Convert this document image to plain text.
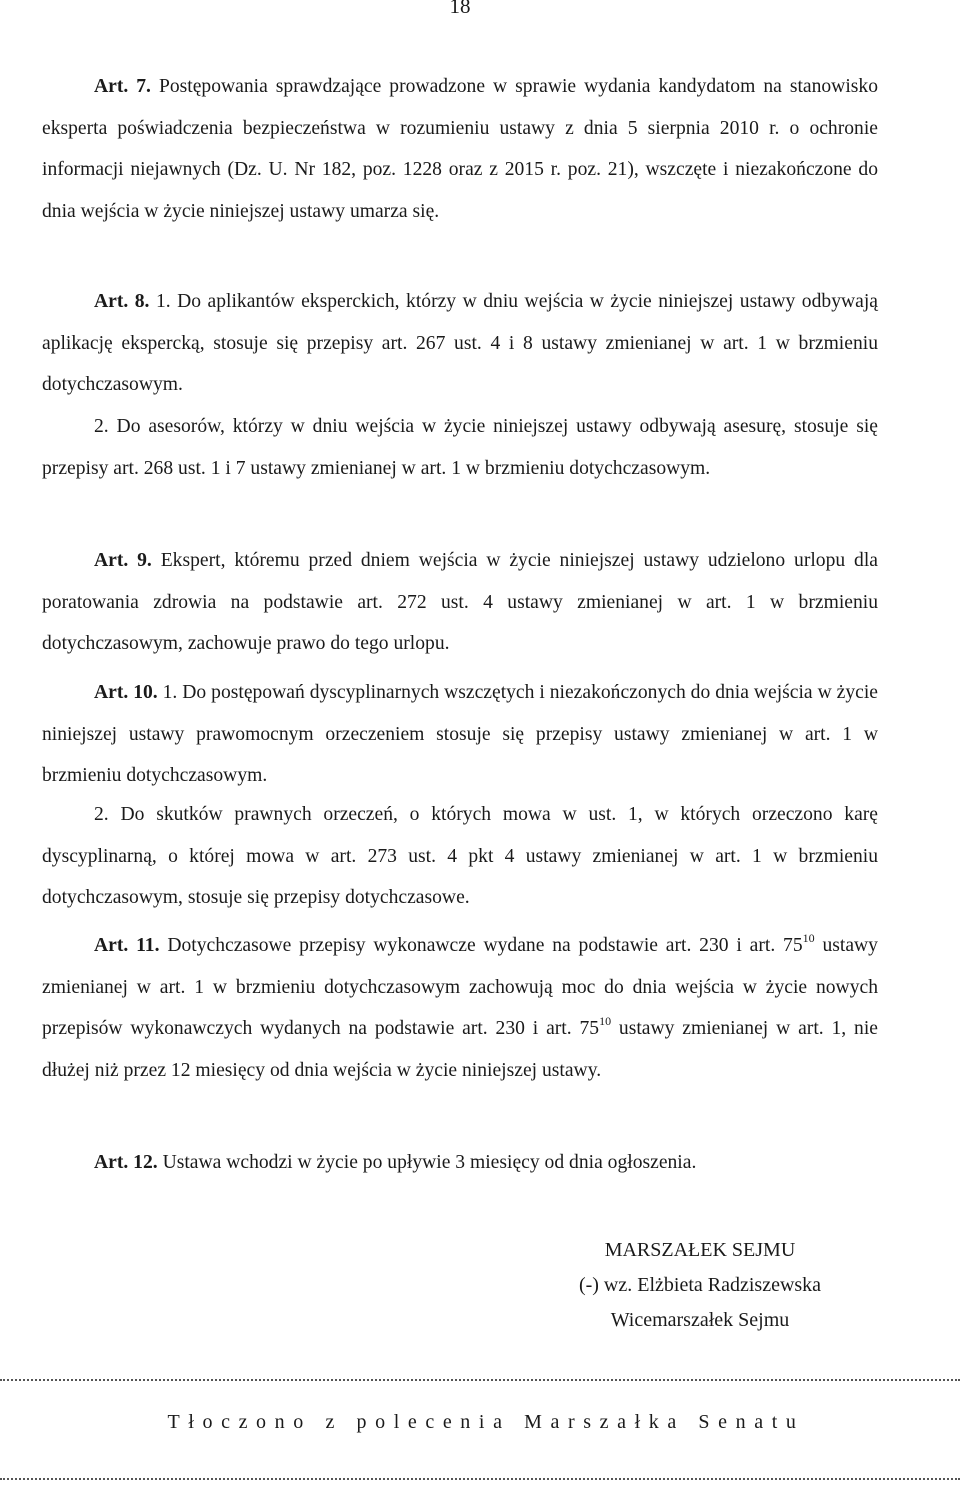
18

Art. 7. Postępowania sprawdzające prowadzone w sprawie wydania kandydatom na stanowisko eksperta poświadczenia bezpieczeństwa w rozumieniu ustawy z dnia 5 sierpnia 2010 r. o ochronie informacji niejawnych (Dz. U. Nr 182, poz. 1228 oraz z 2015 r. poz. 21), wszczęte i niezakończone do dnia wejścia w życie niniejszej ustawy umarza się.

Art. 8. 1. Do aplikantów eksperckich, którzy w dniu wejścia w życie niniejszej ustawy odbywają aplikację ekspercką, stosuje się przepisy art. 267 ust. 4 i 8 ustawy zmienianej w art. 1 w brzmieniu dotychczasowym.

2. Do asesorów, którzy w dniu wejścia w życie niniejszej ustawy odbywają asesurę, stosuje się przepisy art. 268 ust. 1 i 7 ustawy zmienianej w art. 1 w brzmieniu dotychczasowym.

Art. 9. Ekspert, któremu przed dniem wejścia w życie niniejszej ustawy udzielono urlopu dla poratowania zdrowia na podstawie art. 272 ust. 4 ustawy zmienianej w art. 1 w brzmieniu dotychczasowym, zachowuje prawo do tego urlopu.

Art. 10. 1. Do postępowań dyscyplinarnych wszczętych i niezakończonych do dnia wejścia w życie niniejszej ustawy prawomocnym orzeczeniem stosuje się przepisy ustawy zmienianej w art. 1 w brzmieniu dotychczasowym.

2. Do skutków prawnych orzeczeń, o których mowa w ust. 1, w których orzeczono karę dyscyplinarną, o której mowa w art. 273 ust. 4 pkt 4 ustawy zmienianej w art. 1 w brzmieniu dotychczasowym, stosuje się przepisy dotychczasowe.

Art. 11. Dotychczasowe przepisy wykonawcze wydane na podstawie art. 230 i art. $75^{10}$ ustawy zmienianej w art. 1 w brzmieniu dotychczasowym zachowują moc do dnia wejścia w życie nowych przepisów wykonawczych wydanych na podstawie art. 230 i art. $75^{10}$ ustawy zmienianej w art. 1, nie dłużej niż przez 12 miesięcy od dnia wejścia w życie niniejszej ustawy.

Art. 12. Ustawa wchodzi w życie po upływie 3 miesięcy od dnia ogłoszenia.

MARSZAŁEK SEJMU
(-) wz. Elżbieta Radziszewska
Wicemarszałek Sejmu
Tłoczono z polecenia Marszałka Senatu
